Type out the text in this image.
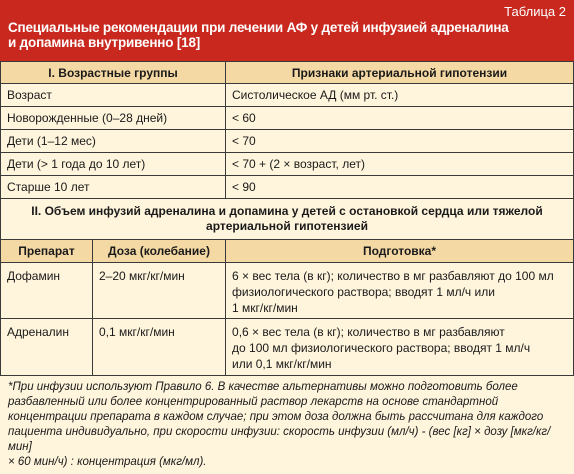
Таблица 2
Специальные рекомендации при лечении АФ у детей инфузией адреналина
и допамина внутривенно [18]
I. Возрастные группы		Признаки артериальной гипотензии
Возраст		Систолическое АД (мм рт. ст.)
Новорожденные (0–28 дней)		< 60
Дети (1–12 мес)		< 70
Дети (> 1 года до 10 лет)		< 70 + (2 × возраст, лет)
Старше 10 лет		< 90

II. Объем инфузий адреналина и допамина у детей с остановкой сердца или тяжелой
артериальной гипотензией		

Препарат	Доза (колебание)	Подготовка*
Дофамин	2–20 мкг/кг/мин	6 × вес тела (в кг); количество в мг разбавляют до 100 мл
физиологического раствора; вводят 1 мл/ч или
1 мкг/кг/мин

Адреналин	0,1 мкг/кг/мин	0,6 × вес тела (в кг); количество в мг разбавляют
до 100 мл физиологического раствора; вводят 1 мл/ч
или 0,1 мкг/кг/мин
*При инфузии используют Правило 6. В качестве альтернативы можно подготовить более
разбавленный или более концентрированный раствор лекарств на основе стандартной
концентрации препарата в каждом случае; при этом доза должна быть рассчитана для каждого
пациента индивидуально, при скорости инфузии: скорость инфузии (мл/ч) - (вес [кг] × дозу [мкг/кг/мин]
× 60 мин/ч) : концентрация (мкг/мл).
